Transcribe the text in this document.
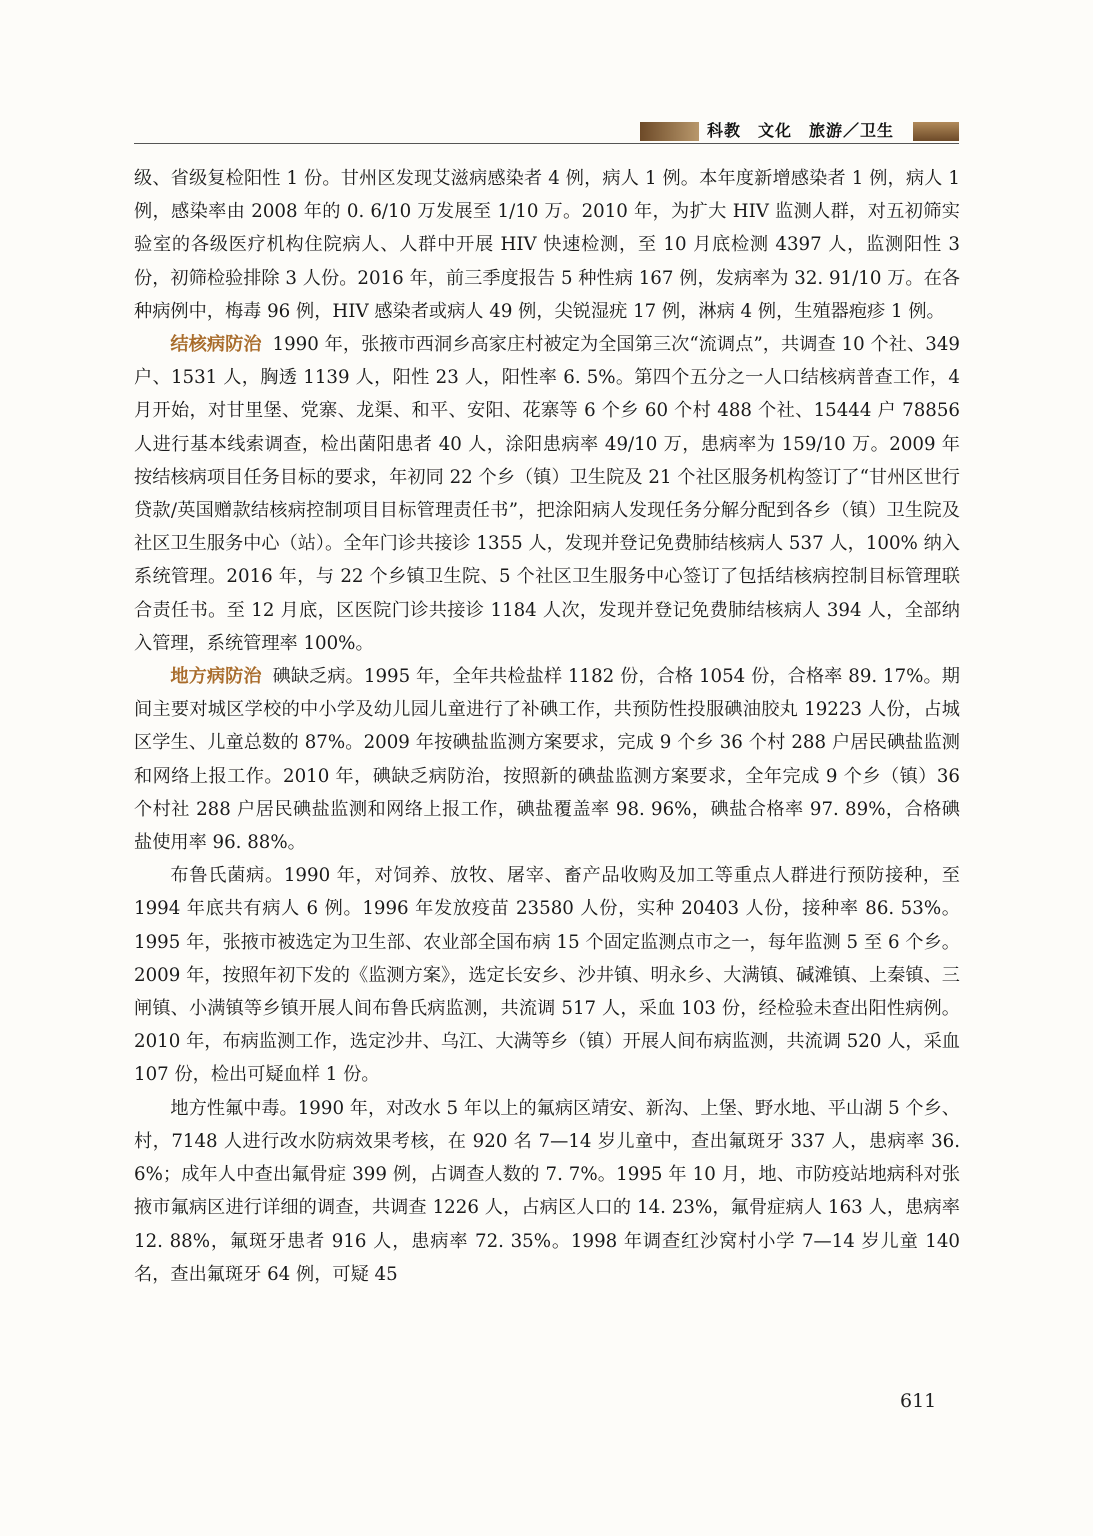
科教　文化　旅游／卫生

级、省级复检阳性 1 份。甘州区发现艾滋病感染者 4 例，病人 1 例。本年度新增感染者 1 例，病人 1 例，感染率由 2008 年的 0. 6/10 万发展至 1/10 万。2010 年，为扩大 HIV 监测人群，对五初筛实验室的各级医疗机构住院病人、人群中开展 HIV 快速检测，至 10 月底检测 4397 人，监测阳性 3 份，初筛检验排除 3 人份。2016 年，前三季度报告 5 种性病 167 例，发病率为 32. 91/10 万。在各种病例中，梅毒 96 例，HIV 感染者或病人 49 例，尖锐湿疣 17 例，淋病 4 例，生殖器疱疹 1 例。

结核病防治 1990 年，张掖市西洞乡高家庄村被定为全国第三次“流调点”，共调查 10 个社、349 户、1531 人，胸透 1139 人，阳性 23 人，阳性率 6. 5%。第四个五分之一人口结核病普查工作，4 月开始，对甘里堡、党寨、龙渠、和平、安阳、花寨等 6 个乡 60 个村 488 个社、15444 户 78856 人进行基本线索调查，检出菌阳患者 40 人，涂阳患病率 49/10 万，患病率为 159/10 万。2009 年按结核病项目任务目标的要求，年初同 22 个乡（镇）卫生院及 21 个社区服务机构签订了“甘州区世行贷款/英国赠款结核病控制项目目标管理责任书”，把涂阳病人发现任务分解分配到各乡（镇）卫生院及社区卫生服务中心（站）。全年门诊共接诊 1355 人，发现并登记免费肺结核病人 537 人，100% 纳入系统管理。2016 年，与 22 个乡镇卫生院、5 个社区卫生服务中心签订了包括结核病控制目标管理联合责任书。至 12 月底，区医院门诊共接诊 1184 人次，发现并登记免费肺结核病人 394 人，全部纳入管理，系统管理率 100%。

地方病防治 碘缺乏病。1995 年，全年共检盐样 1182 份，合格 1054 份，合格率 89. 17%。期间主要对城区学校的中小学及幼儿园儿童进行了补碘工作，共预防性投服碘油胶丸 19223 人份，占城区学生、儿童总数的 87%。2009 年按碘盐监测方案要求，完成 9 个乡 36 个村 288 户居民碘盐监测和网络上报工作。2010 年，碘缺乏病防治，按照新的碘盐监测方案要求，全年完成 9 个乡（镇）36 个村社 288 户居民碘盐监测和网络上报工作，碘盐覆盖率 98. 96%，碘盐合格率 97. 89%，合格碘盐使用率 96. 88%。

布鲁氏菌病。1990 年，对饲养、放牧、屠宰、畜产品收购及加工等重点人群进行预防接种，至 1994 年底共有病人 6 例。1996 年发放疫苗 23580 人份，实种 20403 人份，接种率 86. 53%。1995 年，张掖市被选定为卫生部、农业部全国布病 15 个固定监测点市之一，每年监测 5 至 6 个乡。2009 年，按照年初下发的《监测方案》，选定长安乡、沙井镇、明永乡、大满镇、碱滩镇、上秦镇、三闸镇、小满镇等乡镇开展人间布鲁氏病监测，共流调 517 人，采血 103 份，经检验未查出阳性病例。2010 年，布病监测工作，选定沙井、乌江、大满等乡（镇）开展人间布病监测，共流调 520 人，采血 107 份，检出可疑血样 1 份。

地方性氟中毒。1990 年，对改水 5 年以上的氟病区靖安、新沟、上堡、野水地、平山湖 5 个乡、村，7148 人进行改水防病效果考核，在 920 名 7—14 岁儿童中，查出氟斑牙 337 人，患病率 36. 6%；成年人中查出氟骨症 399 例，占调查人数的 7. 7%。1995 年 10 月，地、市防疫站地病科对张掖市氟病区进行详细的调查，共调查 1226 人，占病区人口的 14. 23%，氟骨症病人 163 人，患病率 12. 88%，氟斑牙患者 916 人，患病率 72. 35%。1998 年调查红沙窝村小学 7—14 岁儿童 140 名，查出氟斑牙 64 例，可疑 45

611
